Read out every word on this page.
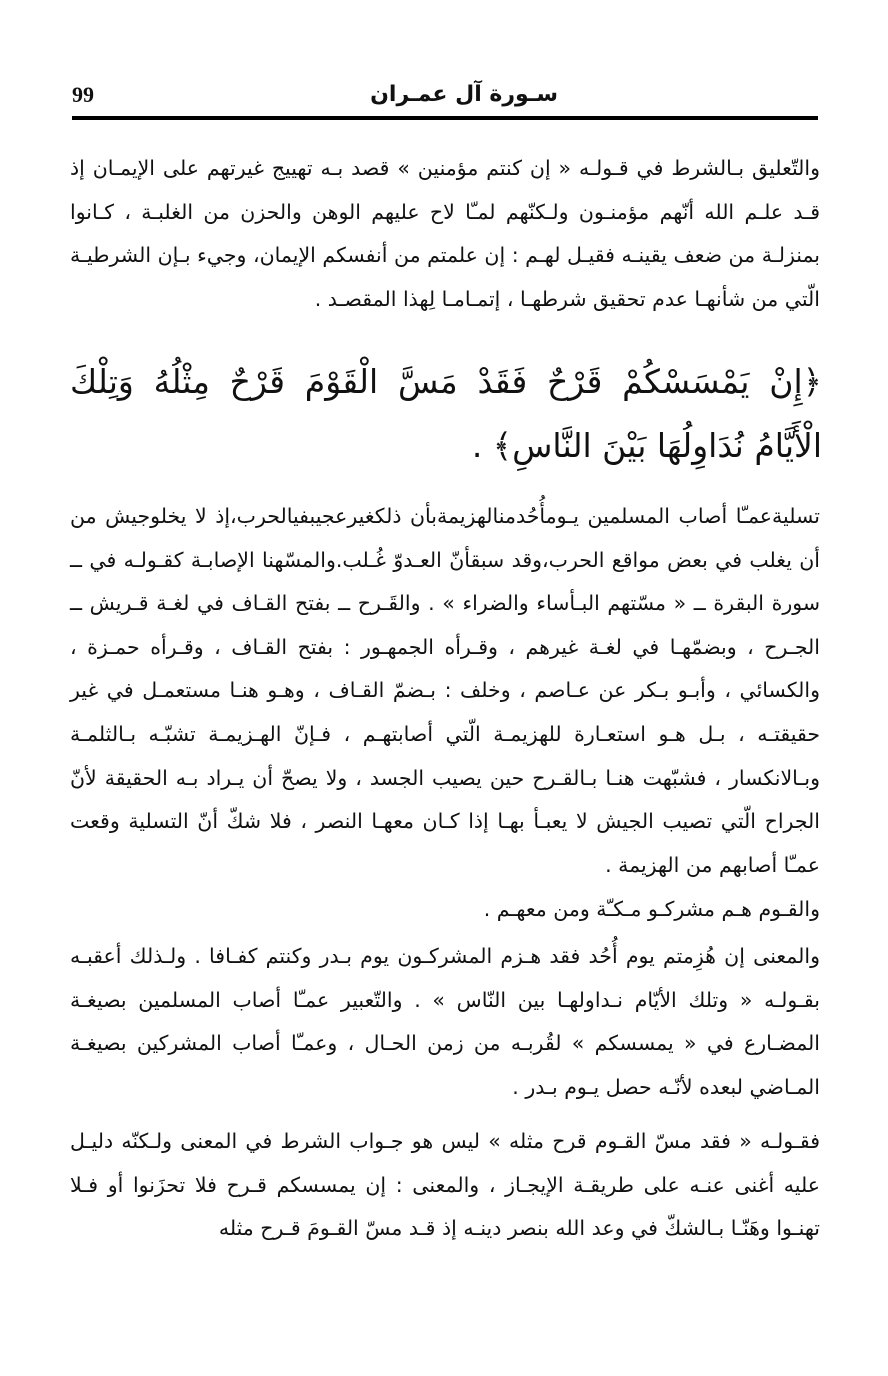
99	سـورة آل عمـران

والتّعليق بـالشرط في قـولـه « إن كنتم مؤمنين » قصد بـه تهييج غيرتهم على الإيمـان إذ قـد علـم الله أنّهم مؤمنـون ولـكنّهم لمـّا لاح عليهم الوهن والحزن من الغلبـة ، كـانوا بمنزلـة من ضعف يقينـه فقيـل لهـم : إن علمتم من أنفسكم الإيمان، وجيء بـإن الشرطيـة الّتي من شأنهـا عدم تحقيق شرطهـا ، إتمـامـا لِهذا المقصـد .

﴿إِنْ يَمْسَسْكُمْ قَرْحٌ فَقَدْ مَسَّ الْقَوْمَ قَرْحٌ مِثْلُهُ وَتِلْكَ الْأَيَّامُ نُدَاوِلُهَا بَيْنَ النَّاسِ﴾ .

تسليةعمـّا أصاب المسلمين يـومأُحُدمنالهزيمةبأن ذلكغيرعجيبفيالحرب،إذ لا يخلوجيش من أن يغلب في بعض مواقع الحرب،وقد سبقأنّ العـدوّ غُـلب.والمسّهنا الإصابـة كقـولـه في ــ سورة البقرة ــ « مسّتهم البـأساء والضراء » . والقَـرح ــ بفتح القـاف في لغـة قـريش ــ الجـرح ، وبضمّهـا في لغـة غيرهم ، وقـرأه الجمهـور : بفتح القـاف ، وقـرأه حمـزة ، والكسائي ، وأبـو بـكر عن عـاصم ، وخلف : بـضمّ القـاف ، وهـو هنـا مستعمـل في غير حقيقتـه ، بـل هـو استعـارة للهزيمـة الّتي أصابتهـم ، فـإنّ الهـزيمـة تشبّـه بـالثلمـة وبـالانكسار ، فشبّهت هنـا بـالقـرح حين يصيب الجسد ، ولا يصحّ أن يـراد بـه الحقيقة لأنّ الجراح الّتي تصيب الجيش لا يعبـأ بهـا إذا كـان معهـا النصر ، فلا شكّ أنّ التسلية وقعت عمـّا أصابهم من الهزيمة .

والقـوم هـم مشركـو مـكـّة ومن معهـم .

والمعنى إن هُزِمتم يوم أُحُد فقد هـزم المشركـون يوم بـدر وكنتم كفـافا . ولـذلك أعقبـه بقـولـه « وتلك الأيّام نـداولهـا بين النّاس » . والتّعبير عمـّا أصاب المسلمين بصيغـة المضـارع في « يمسسكم » لقُربـه من زمن الحـال ، وعمـّا أصاب المشركين بصيغـة المـاضي لبعده لأنّـه حصل يـوم بـدر .

فقـولـه « فقد مسّ القـوم قرح مثله » ليس هو جـواب الشرط في المعنى ولـكنّه دليـل عليه أغنى عنـه على طريقـة الإيجـاز ، والمعنى : إن يمسسكم قـرح فلا تحزَنوا أو فـلا تهنـوا وهَنّـا بـالشكّ في وعد الله بنصر دينـه إذ قـد مسّ القـومَ قـرح مثله
